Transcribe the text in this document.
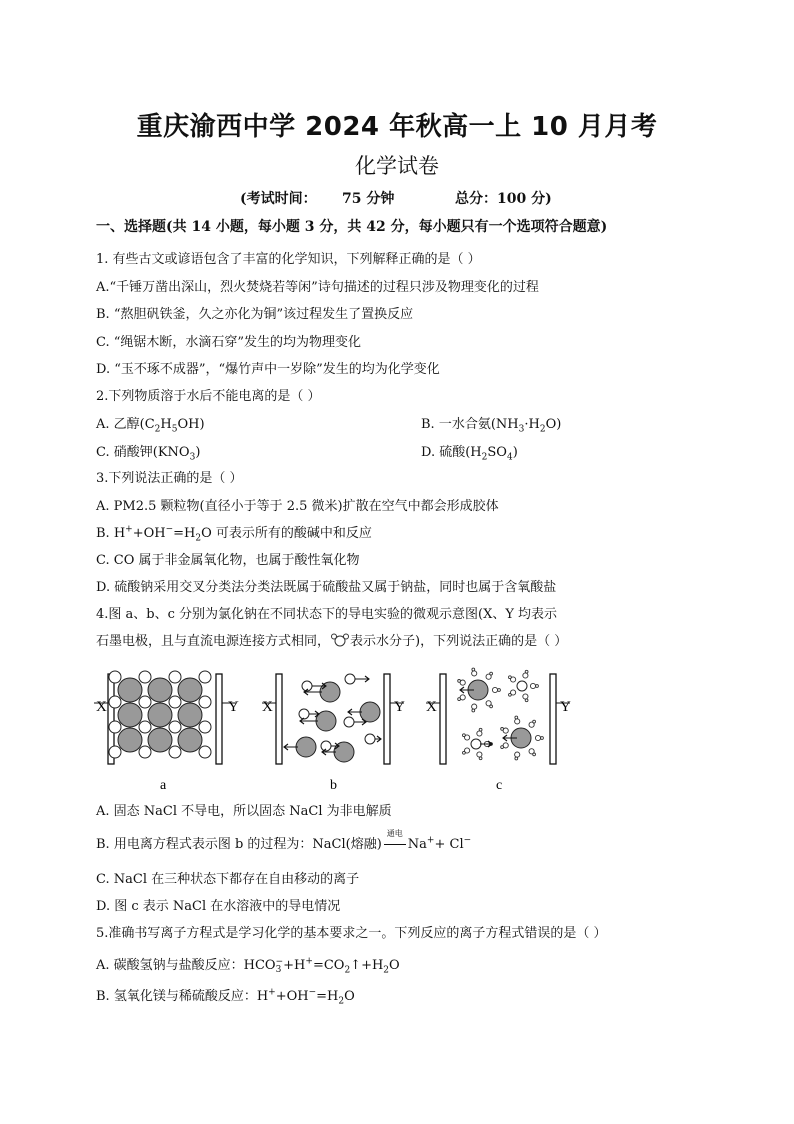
重庆渝西中学 2024 年秋高一上 10 月月考
化学试卷
(考试时间： 75 分钟	总分：100 分)
一、选择题(共 14 小题，每小题 3 分，共 42 分，每小题只有一个选项符合题意)
1. 有些古文或谚语包含了丰富的化学知识，下列解释正确的是（ ）
A.“千锤万凿出深山，烈火焚烧若等闲”诗句描述的过程只涉及物理变化的过程
B. “熬胆矾铁釜，久之亦化为铜”该过程发生了置换反应
C. “绳锯木断，水滴石穿”发生的均为物理变化
D. “玉不琢不成器”，“爆竹声中一岁除”发生的均为化学变化
2.下列物质溶于水后不能电离的是（ ）
A. 乙醇$(C_2H_5OH)$	B. 一水合氨$(NH_3\cdot H_2O)$
C. 硝酸钾$(KNO_3)$	D. 硫酸$(H_2SO_4)$
3.下列说法正确的是（ ）
A. PM2.5 颗粒物(直径小于等于 2.5 微米)扩散在空气中都会形成胶体
B. $H^++OH^-=H_2O$ 可表示所有的酸碱中和反应
C. CO 属于非金属氧化物，也属于酸性氧化物
D. 硫酸钠采用交叉分类法分类法既属于硫酸盐又属于钠盐，同时也属于含氧酸盐
4.图 a、b、c 分别为氯化钠在不同状态下的导电实验的微观示意图(X、Y 均表示
石墨电极，且与直流电源连接方式相同， 表示水分子)，下列说法正确的是（ ）
X	Y
a
X	Y
b
X	Y
c
A. 固态 NaCl 不导电，所以固态 NaCl 为非电解质
B. 用电离方程式表示图 b 的过程为：NaCl(熔融)
通电
Na++ Cl−
C. NaCl 在三种状态下都存在自由移动的离子
D. 图 c 表示 NaCl 在水溶液中的导电情况
5.准确书写离子方程式是学习化学的基本要求之一。下列反应的离子方程式错误的是（ ）
A. 碳酸氢钠与盐酸反应：HCO −
$3 +H^+=CO_2↑+H_2O$
B. 氢氧化镁与稀硫酸反应：$H^++OH^-=H_2O$
